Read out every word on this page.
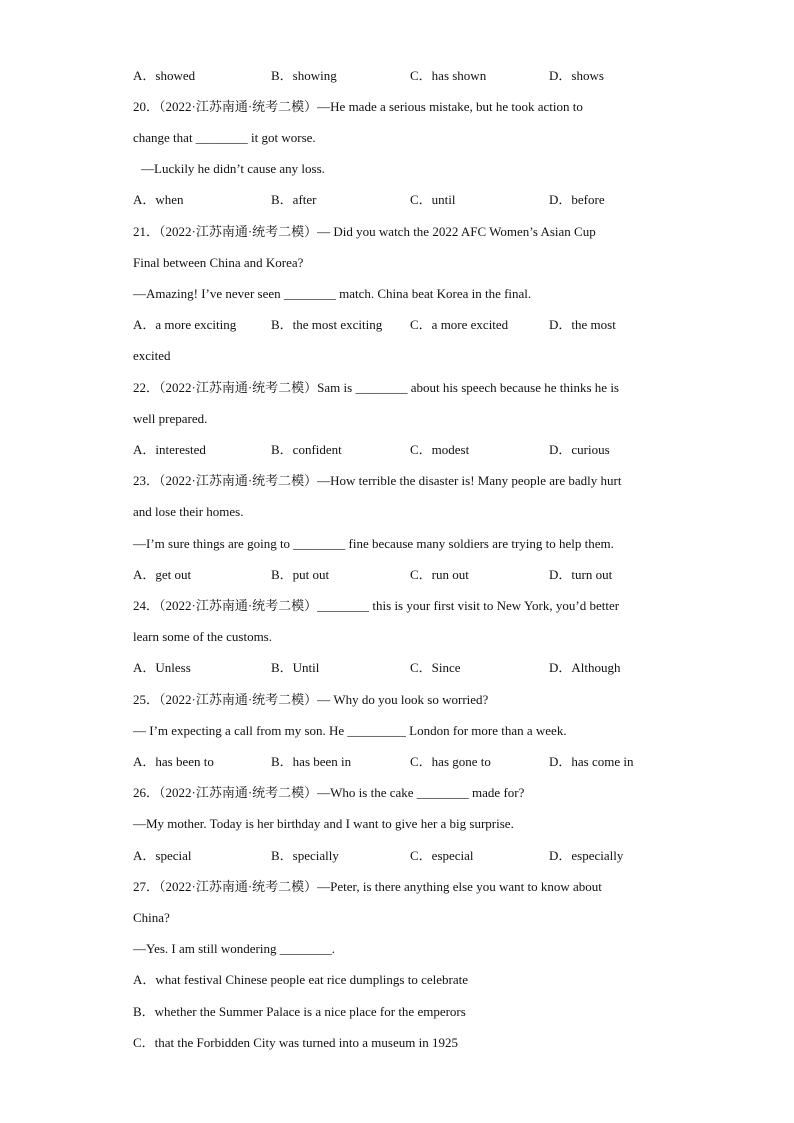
A．showed	B．showing	C．has shown	D．shows
20．（2022·江苏南通·统考二模）—He made a serious mistake, but he took action to
change that ________ it got worse.
—Luckily he didn’t cause any loss.
A．when	B．after	C．until	D．before
21．（2022·江苏南通·统考二模）— Did you watch the 2022 AFC Women’s Asian Cup
Final between China and Korea?
—Amazing! I’ve never seen ________ match. China beat Korea in the final.
A．a more exciting	B．the most exciting C．a more excited	D．the most
excited
22．（2022·江苏南通·统考二模）Sam is ________ about his speech because he thinks he is
well prepared.
A．interested	B．confident	C．modest	D．curious
23．（2022·江苏南通·统考二模）—How terrible the disaster is! Many people are badly hurt
and lose their homes.
—I’m sure things are going to ________ fine because many soldiers are trying to help them.
A．get out	B．put out	C．run out	D．turn out
24．（2022·江苏南通·统考二模）________ this is your first visit to New York, you’d better
learn some of the customs.
A．Unless	B．Until	C．Since	D．Although
25．（2022·江苏南通·统考二模）— Why do you look so worried?
— I’m expecting a call from my son. He _________ London for more than a week.
A．has been to	B．has been in	C．has gone to	D．has come in
26．（2022·江苏南通·统考二模）—Who is the cake ________ made for?
—My mother. Today is her birthday and I want to give her a big surprise.
A．special	B．specially	C．especial	D．especially
27．（2022·江苏南通·统考二模）—Peter, is there anything else you want to know about
China?
—Yes. I am still wondering ________.
A．what festival Chinese people eat rice dumplings to celebrate
B．whether the Summer Palace is a nice place for the emperors
C．that the Forbidden City was turned into a museum in 1925
